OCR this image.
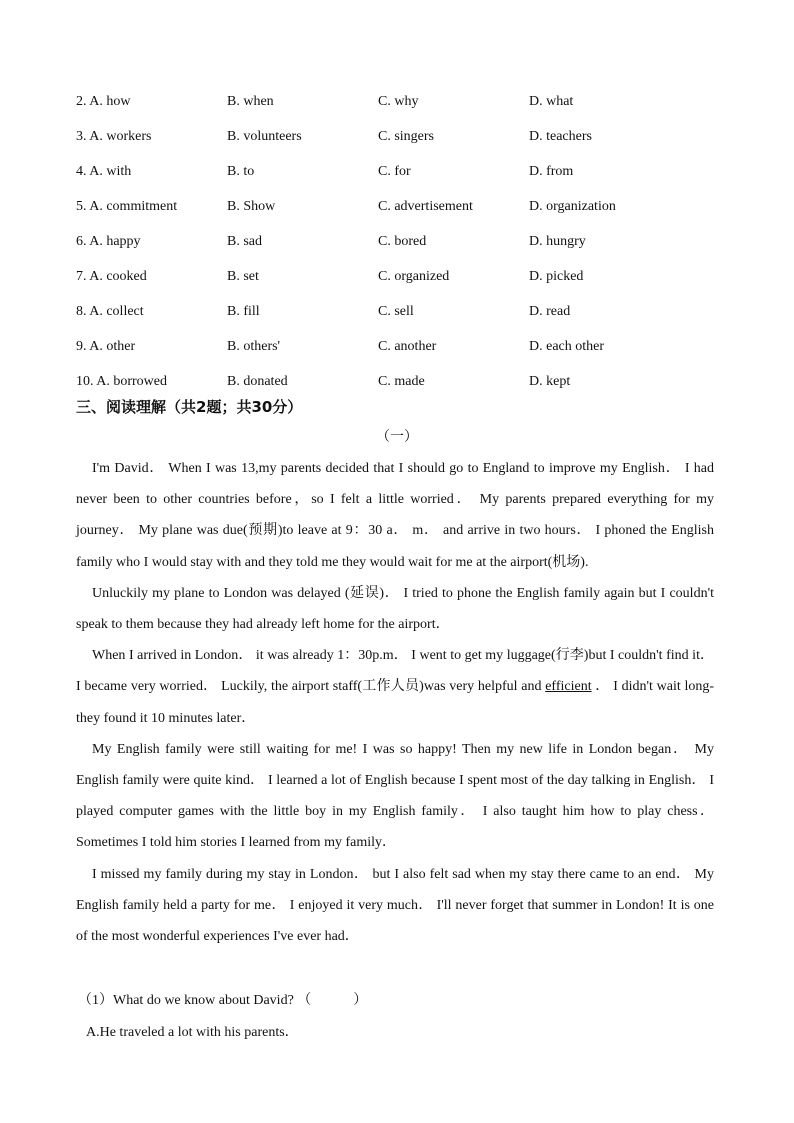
2. A. how	B. when	C. why	D. what
3. A. workers	B. volunteers	C. singers	D. teachers
4. A. with	B. to	C. for	D. from
5. A. commitment	B. Show	C. advertisement	D. organization
6. A. happy	B. sad	C. bored	D. hungry
7. A. cooked	B. set	C. organized	D. picked
8. A. collect	B. fill	C. sell	D. read
9. A. other	B. others'	C. another	D. each other
10. A. borrowed	B. donated	C. made	D. kept
三、阅读理解（共2题；共30分）
（一）

I'm David． When I was 13,my parents decided that I should go to England to improve my English． I had never been to other countries before，so I felt a little worried． My parents prepared everything for my journey． My plane was due(预期)to leave at 9：30 a． m． and arrive in two hours． I phoned the English family who I would stay with and they told me they would wait for me at the airport(机场).

Unluckily my plane to London was delayed (延误)． I tried to phone the English family again but I couldn't speak to them because they had already left home for the airport．

When I arrived in London． it was already 1：30p.m． I went to get my luggage(行李)but I couldn't find it． I became very worried． Luckily, the airport staff(工作人员)was very helpful and efficient ． I didn't wait long-they found it 10 minutes later．

My English family were still waiting for me! I was so happy! Then my new life in London began． My English family were quite kind． I learned a lot of English because I spent most of the day talking in English． I played computer games with the little boy in my English family． I also taught him how to play chess． Sometimes I told him stories I learned from my family．

I missed my family during my stay in London． but I also felt sad when my stay there came to an end． My English family held a party for me． I enjoyed it very much． I'll never forget that summer in London! It is one of the most wonderful experiences I've ever had．

（1）What do we know about David? （　　　）
A.He traveled a lot with his parents．
